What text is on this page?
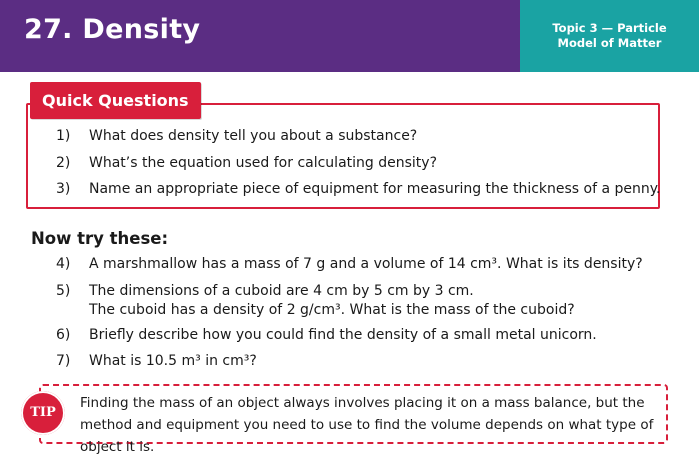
27. Density	Topic 3 — Particle
Model of Matter
Quick Questions
1)	What does density tell you about a substance?
2)	What’s the equation used for calculating density?
3)	Name an appropriate piece of equipment for measuring the thickness of a penny.
Now try these:
4)	A marshmallow has a mass of 7 g and a volume of 14 cm³. What is its density?
5)	The dimensions of a cuboid are 4 cm by 5 cm by 3 cm.
The cuboid has a density of 2 g/cm³. What is the mass of the cuboid?
6)	Briefly describe how you could find the density of a small metal unicorn.
7)	What is 10.5 m³ in cm³?
TIP
Finding the mass of an object always involves placing it on a mass balance, but the method and equipment you need to use to find the volume depends on what type of object it is.
